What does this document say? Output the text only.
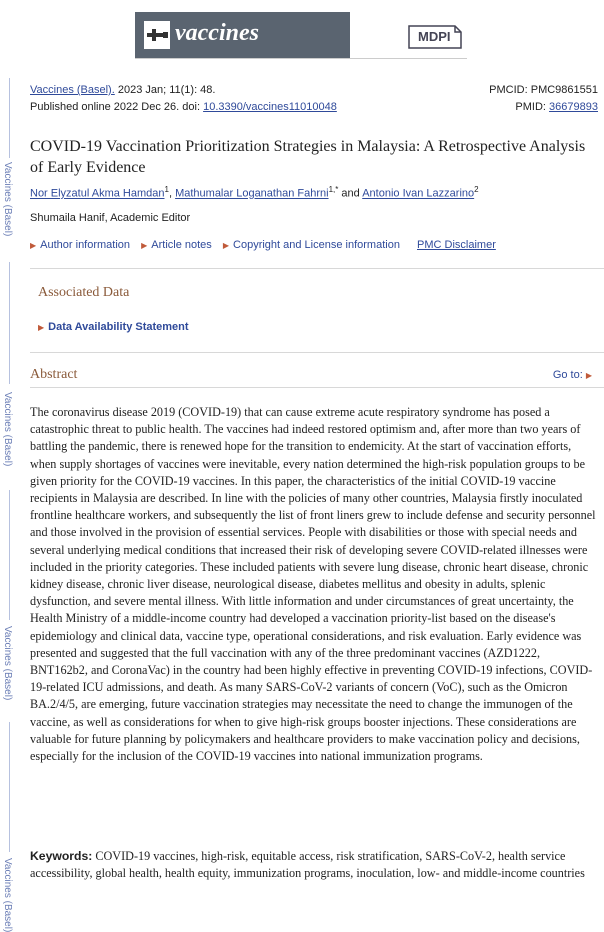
vaccines	MDPI
Vaccines (Basel)
Vaccines (Basel)
Vaccines (Basel)
Vaccines (Basel)
Vaccines (Basel). 2023 Jan; 11(1): 48.
Published online 2022 Dec 26. doi: 10.3390/vaccines11010048
PMCID: PMC9861551
PMID: 36679893
COVID-19 Vaccination Prioritization Strategies in Malaysia: A Retrospective Analysis of Early Evidence
Nor Elyzatul Akma Hamdan$^1$, Mathumalar Loganathan Fahrni$^{1,*}$ and Antonio Ivan Lazzarino$^2$
Shumaila Hanif, Academic Editor
▶ Author information ▶ Article notes ▶ Copyright and License information PMC Disclaimer
Associated Data
▶ Data Availability Statement
Abstract	Go to: ▶
The coronavirus disease 2019 (COVID-19) that can cause extreme acute respiratory syndrome has posed a catastrophic threat to public health. The vaccines had indeed restored optimism and, after more than two years of battling the pandemic, there is renewed hope for the transition to endemicity. At the start of vaccination efforts, when supply shortages of vaccines were inevitable, every nation determined the high-risk population groups to be given priority for the COVID-19 vaccines. In this paper, the characteristics of the initial COVID-19 vaccine recipients in Malaysia are described. In line with the policies of many other countries, Malaysia firstly inoculated frontline healthcare workers, and subsequently the list of front liners grew to include defense and security personnel and those involved in the provision of essential services. People with disabilities or those with special needs and several underlying medical conditions that increased their risk of developing severe COVID-related illnesses were included in the priority categories. These included patients with severe lung disease, chronic heart disease, chronic kidney disease, chronic liver disease, neurological disease, diabetes mellitus and obesity in adults, splenic dysfunction, and severe mental illness. With little information and under circumstances of great uncertainty, the Health Ministry of a middle-income country had developed a vaccination priority-list based on the disease's epidemiology and clinical data, vaccine type, operational considerations, and risk evaluation. Early evidence was presented and suggested that the full vaccination with any of the three predominant vaccines (AZD1222, BNT162b2, and CoronaVac) in the country had been highly effective in preventing COVID-19 infections, COVID-19-related ICU admissions, and death. As many SARS-CoV-2 variants of concern (VoC), such as the Omicron BA.2/4/5, are emerging, future vaccination strategies may necessitate the need to change the immunogen of the vaccine, as well as considerations for when to give high-risk groups booster injections. These considerations are valuable for future planning by policymakers and healthcare providers to make vaccination policy and decisions, especially for the inclusion of the COVID-19 vaccines into national immunization programs.
Keywords: COVID-19 vaccines, high-risk, equitable access, risk stratification, SARS-CoV-2, health service accessibility, global health, health equity, immunization programs, inoculation, low- and middle-income countries
